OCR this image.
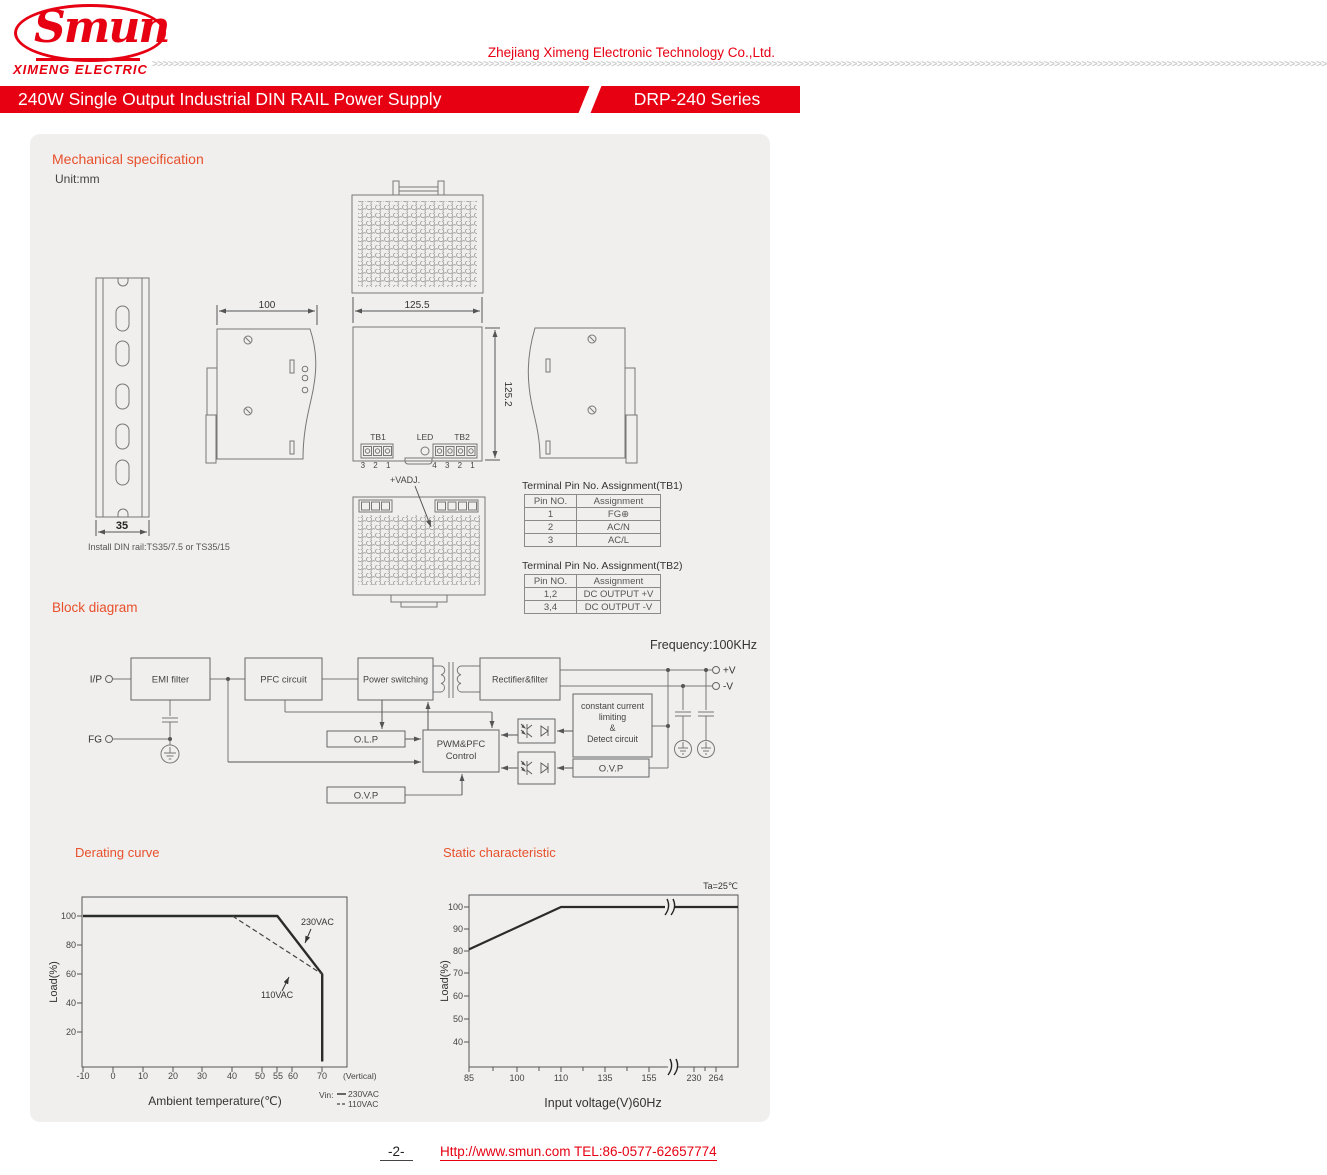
Smun
XIMENG ELECTRIC >>>>>>>>>>>>>>>>>>>>>>>>>>>>>>>>>>>>>>>>>>>>>>>>>>>>>>>>>>>>>>>>>>>>>>>>>>>>>>>>>>>>>>>>>>>>>>>>>>>>>>>>>>>>>>>>>>>>>>>>>>>>>>>>>>>>>>>>>>>>>>>>>>>>>>>>>>>>>>>>>>>>>>>>>>>>>>>>>>>>>>>>>>>>>>>>>>>>>>>>>>>>>>>>>>>>>>>>>>>>
Zhejiang Ximeng Electronic Technology Co.,Ltd.
240W Single Output Industrial DIN RAIL Power Supply	DRP-240 Series
Mechanical specification
Unit:mm
35
Install DIN rail:TS35/7.5 or TS35/15
125.5
100
TB1	LED TB2
3 2 1	4 3 2 1
125.2
+VADJ.	Terminal Pin No. Assignment(TB1)
Pin NO.	Assignment
1	FG⊕
2	AC/N
3	AC/L
Terminal Pin No. Assignment(TB2)
Pin NO.	Assignment
1,2	DC OUTPUT +V
3,4	DC OUTPUT -V
Block diagram
Frequency:100KHz
I/P
FG
EMI filter	PFC circuit	Power switching	Rectifier&filter
O.L.P
O.V.P
PWM&PFC
Control
constant current
limiting
&
Detect circuit
O.V.P
+V
-V
Derating curve	Static characteristic
100
80
60
40
20
-10 0 10 20 30 40 50 55 60 70 (Vertical)
230VAC
110VAC
Ambient temperature(℃)
Load(%)
Vin: 230VAC
110VAC
100
90
80
70
60
50
40
85	100	110	135	155	230 264
Ta=25℃
Input voltage(V)60Hz
Load(%)
-2-	Http://www.smun.com TEL:86-0577-62657774
